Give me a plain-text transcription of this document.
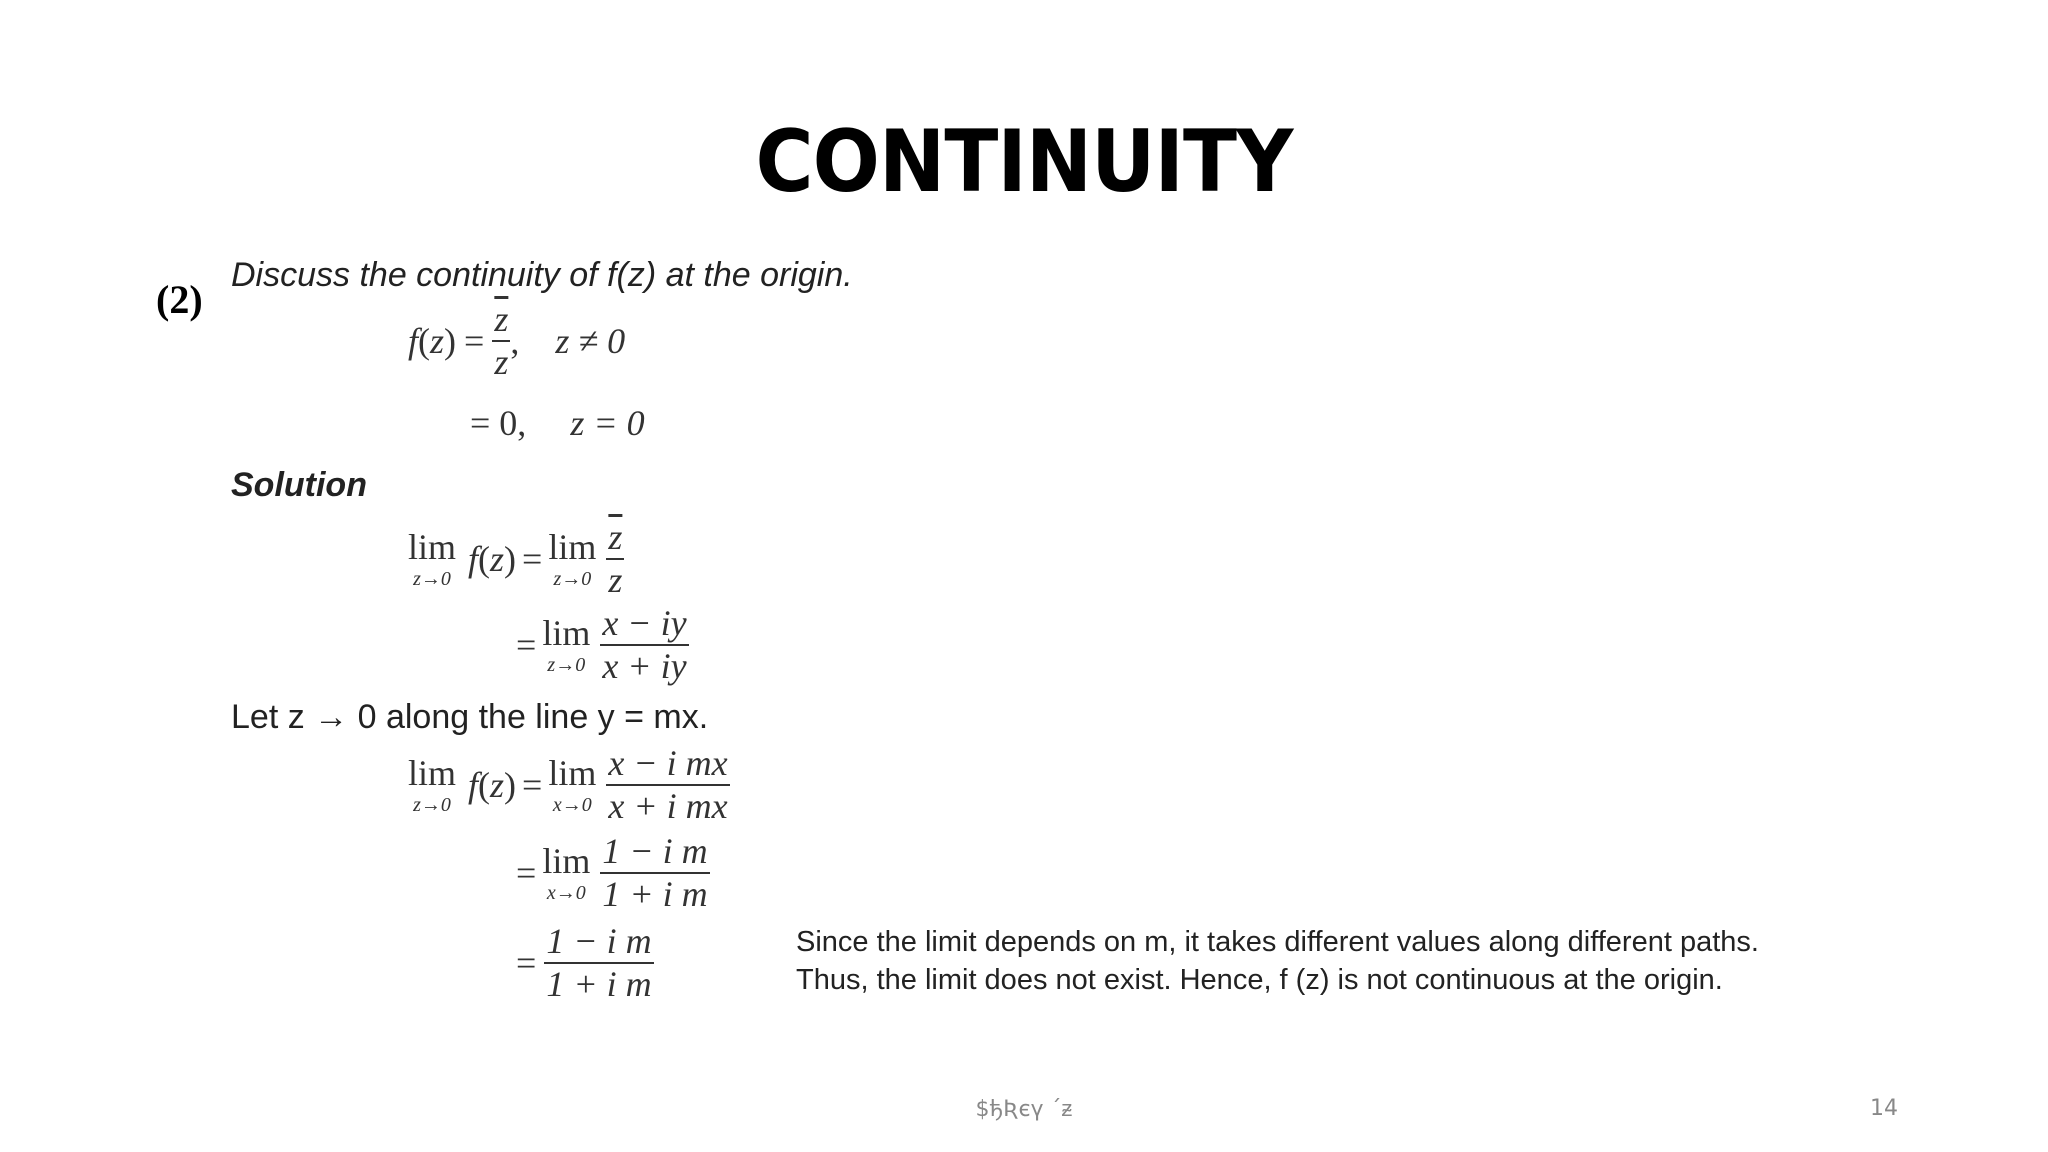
CONTINUITY
(2)
Discuss the continuity of f(z) at the origin.
f ( z ) = $\frac{\overline{z}}{z}$ , z ≠ 0
= 0, z = 0
Solution
lim
z→0 f ( z ) = lim
$z\to 0 \frac{\overline{z}}{z}$
= lim
$z\to 0 \frac{x - iy}{x + iy}$
Let z → 0 along the line y = mx.
lim
z→0 f ( z ) = lim
$x\to 0 \frac{\text{x − i mx}}{\text{x + i mx}}$
= lim
$x\to 0 \frac{\text{1 − i m}}{\text{1 + i m}}$
= $\frac{\text{1 − i m}}{\text{1 + i m}}$	Since the limit depends on m, it takes different values along different paths.
Thus, the limit does not exist. Hence, f (z) is not continuous at the origin.
$ђƦєү ´ᵶ	14
